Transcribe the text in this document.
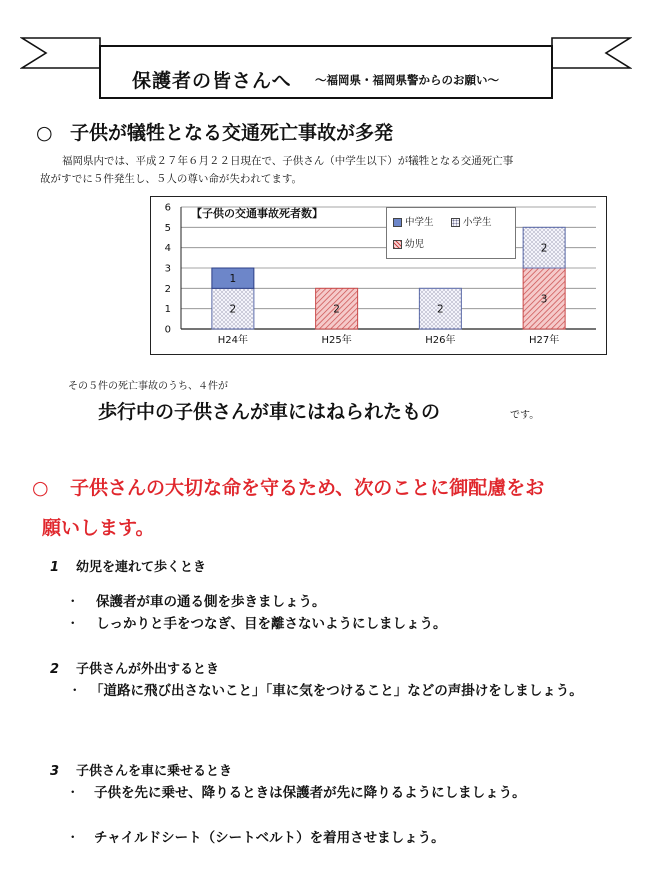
保護者の皆さんへ ～福岡県・福岡県警からのお願い～
○ 子供が犠牲となる交通死亡事故が多発
福岡県内では、平成２７年６月２２日現在で、子供さん（中学生以下）が犠牲となる交通死亡事
故がすでに５件発生し、５人の尊い命が失われてます。
0
1
2
3
4
5
6
2
1
H24年
2
H25年
2
H26年
3
2
H27年
【子供の交通事故死者数】
中学生	小学生
幼児
その５件の死亡事故のうち、４件が
歩行中の子供さんが車にはねられたもの	です。
○ 子供さんの大切な命を守るため、次のことに御配慮をお
願いします。
1 幼児を連れて歩くとき
・	保護者が車の通る側を歩きましょう。
・	しっかりと手をつなぎ、目を離さないようにしましょう。
2 子供さんが外出するとき
・ 「道路に飛び出さないこと」「車に気をつけること」などの声掛けをしましょう。
3 子供さんを車に乗せるとき
・	子供を先に乗せ、降りるときは保護者が先に降りるようにしましょう。
・	チャイルドシート（シートベルト）を着用させましょう。
